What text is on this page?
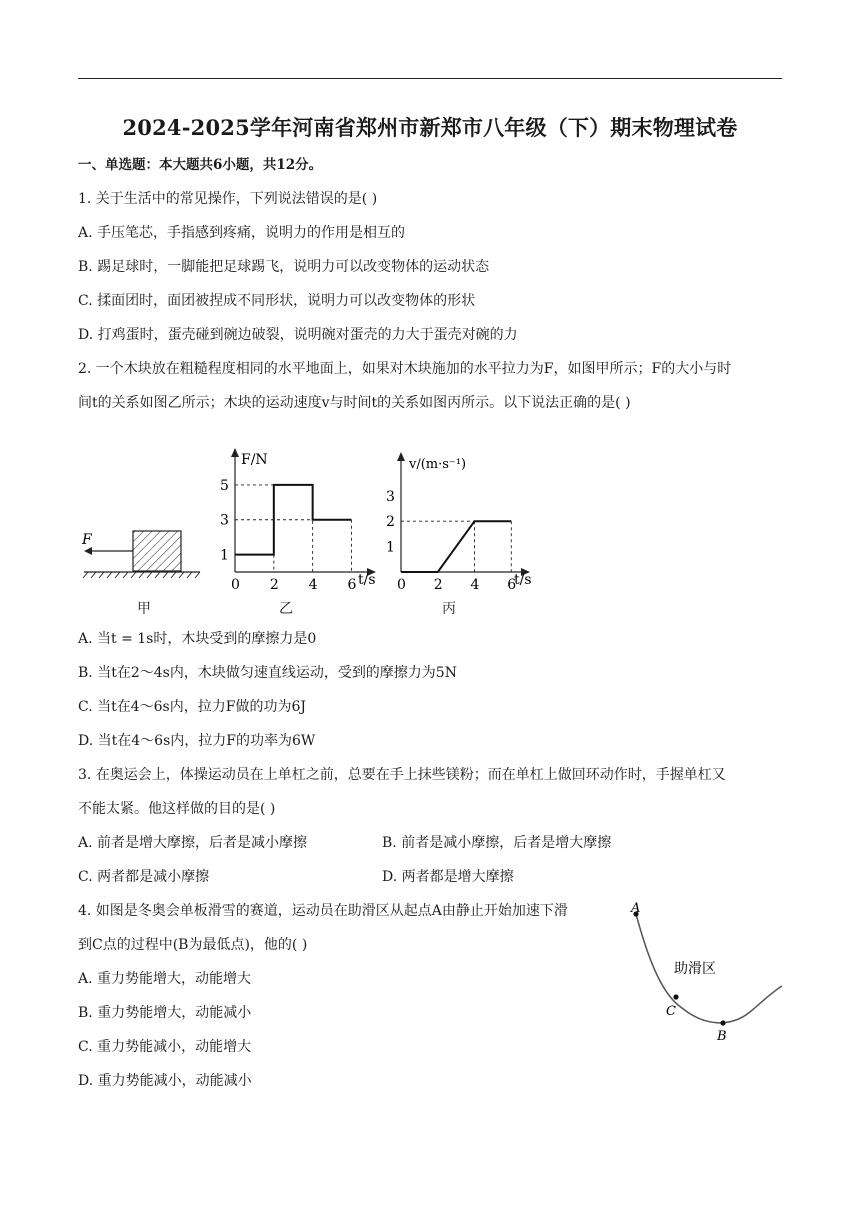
2024-2025学年河南省郑州市新郑市八年级（下）期末物理试卷
一、单选题：本大题共6小题，共12分。
1. 关于生活中的常见操作，下列说法错误的是( )
A. 手压笔芯，手指感到疼痛，说明力的作用是相互的
B. 踢足球时，一脚能把足球踢飞，说明力可以改变物体的运动状态
C. 揉面团时，面团被捏成不同形状，说明力可以改变物体的形状
D. 打鸡蛋时，蛋壳碰到碗边破裂，说明碗对蛋壳的力大于蛋壳对碗的力
2. 一个木块放在粗糙程度相同的水平地面上，如果对木块施加的水平拉力为F，如图甲所示；F的大小与时
间t的关系如图乙所示；木块的运动速度v与时间t的关系如图丙所示。以下说法正确的是( )
F
甲
F/N
t/s
0 2 4 6
1
3
5
乙
v/(m·s⁻¹)
t/s
0 2 4 6
1
2
3
丙
A. 当t = 1s时，木块受到的摩擦力是0
B. 当t在2～4s内，木块做匀速直线运动，受到的摩擦力为5N
C. 当t在4～6s内，拉力F做的功为6J
D. 当t在4～6s内，拉力F的功率为6W
3. 在奥运会上，体操运动员在上单杠之前，总要在手上抹些镁粉；而在单杠上做回环动作时，手握单杠又
不能太紧。他这样做的目的是( )
A. 前者是增大摩擦，后者是减小摩擦	B. 前者是减小摩擦，后者是增大摩擦
C. 两者都是减小摩擦	D. 两者都是增大摩擦
4. 如图是冬奥会单板滑雪的赛道，运动员在助滑区从起点A由静止开始加速下滑
到C点的过程中(B为最低点)，他的( )
A. 重力势能增大，动能增大
B. 重力势能增大，动能减小
C. 重力势能减小，动能增大
D. 重力势能减小，动能减小
A
C
B
助滑区
